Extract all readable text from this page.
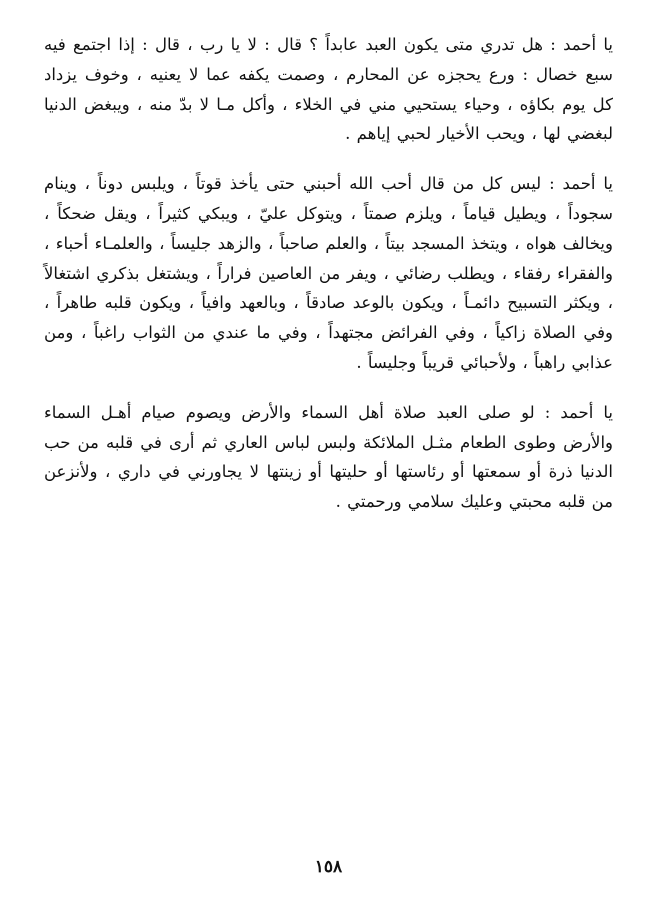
يا أحمد : هل تدري متى يكون العبد عابداً ؟ قال : لا يا رب ، قال : إذا اجتمع فيه سبع خصال : ورع يحجزه عن المحارم ، وصمت يكفه عما لا يعنيه ، وخوف يزداد كل يوم بكاؤه ، وحياء يستحيي مني في الخلاء ، وأكل مـا لا بدّ منه ، ويبغض الدنيا لبغضي لها ، ويحب الأخيار لحبي إياهم .

يا أحمد : ليس كل من قال أحب الله أحبني حتى يأخذ قوتاً ، ويلبس دوناً ، وينام سجوداً ، ويطيل قياماً ، ويلزم صمتاً ، ويتوكل عليّ ، ويبكي كثيراً ، ويقل ضحكاً ، ويخالف هواه ، ويتخذ المسجد بيتاً ، والعلم صاحباً ، والزهد جليساً ، والعلمـاء أحباء ، والفقراء رفقاء ، ويطلب رضائي ، ويفر من العاصين فراراً ، ويشتغل بذكري اشتغالاً ، ويكثر التسبيح دائمـاً ، ويكون بالوعد صادقاً ، وبالعهد وافياً ، ويكون قلبه طاهراً ، وفي الصلاة زاكياً ، وفي الفرائض مجتهداً ، وفي ما عندي من الثواب راغباً ، ومن عذابي راهباً ، ولأحبائي قريباً وجليساً .

يا أحمد : لو صلى العبد صلاة أهل السماء والأرض ويصوم صيام أهـل السماء والأرض وطوى الطعام مثـل الملائكة ولبس لباس العاري ثم أرى في قلبه من حب الدنيا ذرة أو سمعتها أو رئاستها أو حليتها أو زينتها لا يجاورني في داري ، ولأنزعن من قلبه محبتي وعليك سلامي ورحمتي .

١٥٨
